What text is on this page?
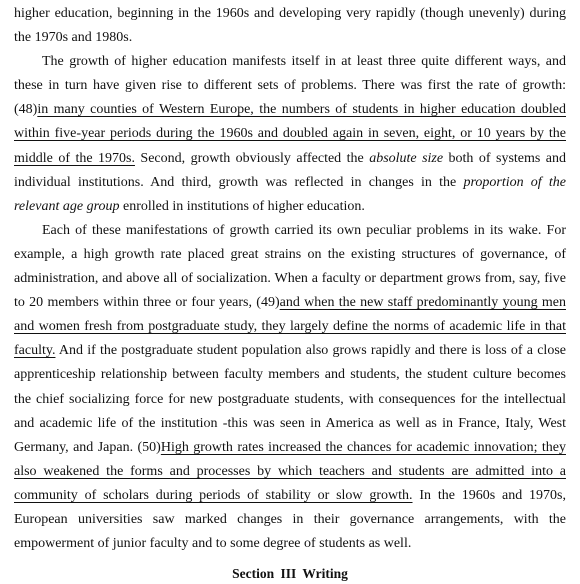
higher education, beginning in the 1960s and developing very rapidly (though unevenly) during the 1970s and 1980s.

The growth of higher education manifests itself in at least three quite different ways, and these in turn have given rise to different sets of problems. There was first the rate of growth: (48)in many counties of Western Europe, the numbers of students in higher education doubled within five-year periods during the 1960s and doubled again in seven, eight, or 10 years by the middle of the 1970s. Second, growth obviously affected the absolute size both of systems and individual institutions. And third, growth was reflected in changes in the proportion of the relevant age group enrolled in institutions of higher education.

Each of these manifestations of growth carried its own peculiar problems in its wake. For example, a high growth rate placed great strains on the existing structures of governance, of administration, and above all of socialization. When a faculty or department grows from, say, five to 20 members within three or four years, (49)and when the new staff predominantly young men and women fresh from postgraduate study, they largely define the norms of academic life in that faculty. And if the postgraduate student population also grows rapidly and there is loss of a close apprenticeship relationship between faculty members and students, the student culture becomes the chief socializing force for new postgraduate students, with consequences for the intellectual and academic life of the institution -this was seen in America as well as in France, Italy, West Germany, and Japan. (50)High growth rates increased the chances for academic innovation; they also weakened the forms and processes by which teachers and students are admitted into a community of scholars during periods of stability or slow growth. In the 1960s and 1970s, European universities saw marked changes in their governance arrangements, with the empowerment of junior faculty and to some degree of students as well.

Section III Writing
